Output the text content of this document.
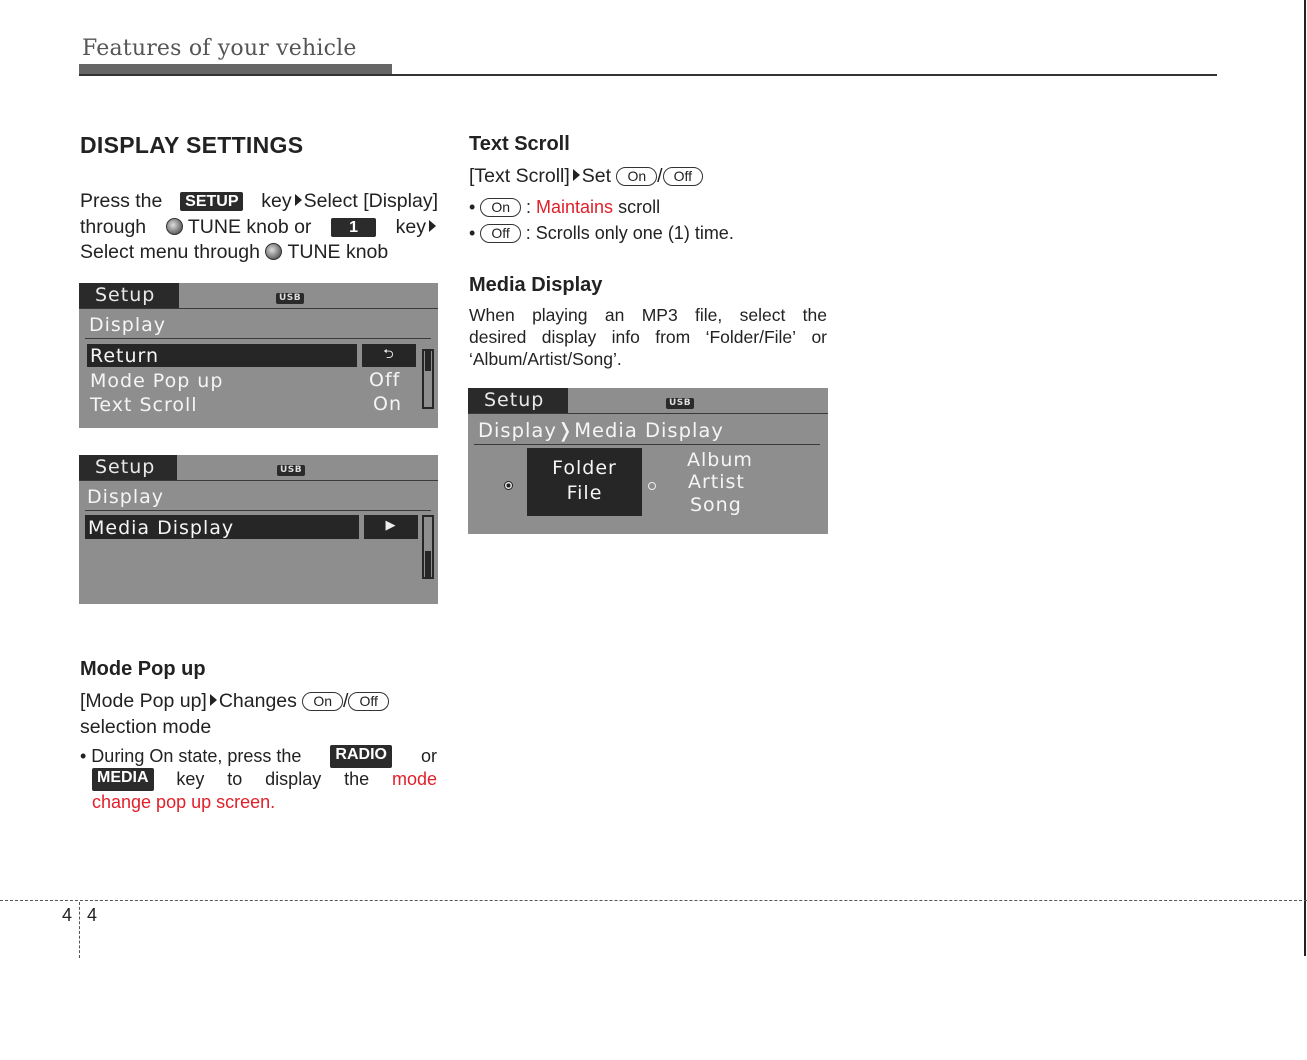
Features of your vehicle
DISPLAY SETTINGS
Press the	SETUP key Select [Display]
through	TUNE knob or	1	key
Select menu through TUNE knob
Setup	USB
Display
Return	⮌
Mode Pop up	Off
Text Scroll	On
Setup	USB
Display
Media Display	▶
Mode Pop up
[Mode Pop up] Changes On / Off
selection mode
• During On state, press the	RADIO or
MEDIA key to display the mode
change pop up screen.
Text Scroll
[Text Scroll] Set On / Off
• On : Maintains scroll
• Off : Scrolls only one (1) time.
Media Display
When playing an MP3 file, select the
desired display info from ‘Folder/File’ or
‘Album/Artist/Song’.
Setup	USB
Display❭Media Display
Folder
File
Album
Artist
Song
4 4
